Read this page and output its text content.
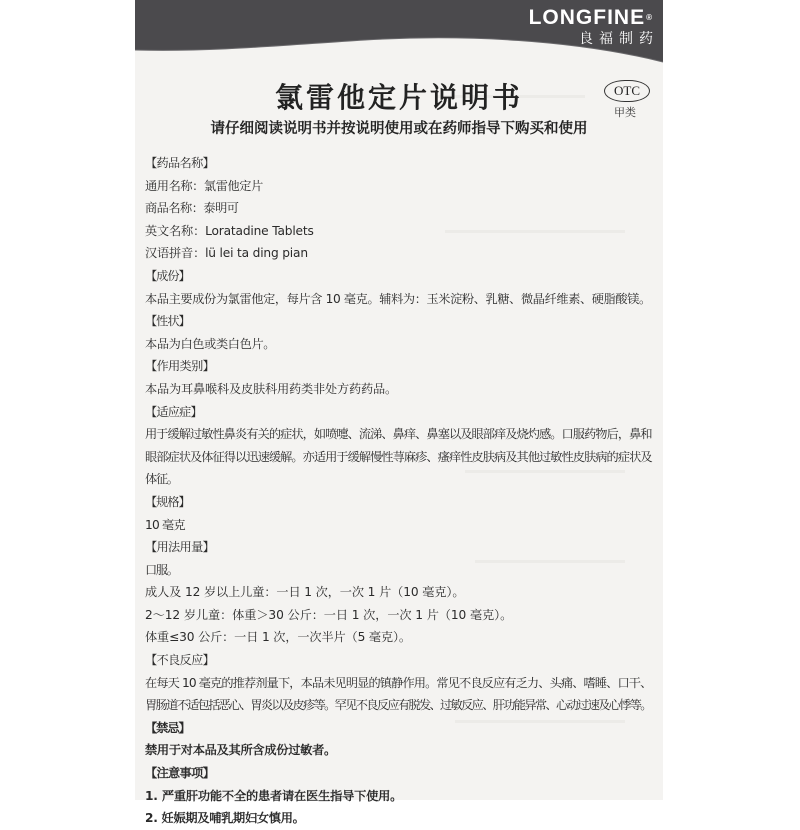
LONGFINE®
良福制药
氯雷他定片说明书	OTC
甲类
请仔细阅读说明书并按说明使用或在药师指导下购买和使用
【药品名称】
通用名称：氯雷他定片
商品名称：泰明可
英文名称：Loratadine Tablets
汉语拼音：lü lei ta ding pian
【成份】
本品主要成份为氯雷他定，每片含 10 毫克。辅料为：玉米淀粉、乳糖、微晶纤维素、硬脂酸镁。
【性状】
本品为白色或类白色片。
【作用类别】
本品为耳鼻喉科及皮肤科用药类非处方药药品。
【适应症】
用于缓解过敏性鼻炎有关的症状，如喷嚏、流涕、鼻痒、鼻塞以及眼部痒及烧灼感。口服药物后，鼻和
眼部症状及体征得以迅速缓解。亦适用于缓解慢性荨麻疹、瘙痒性皮肤病及其他过敏性皮肤病的症状及
体征。
【规格】
10 毫克
【用法用量】
口服。
成人及 12 岁以上儿童：一日 1 次，一次 1 片（10 毫克）。
2～12 岁儿童：体重＞30 公斤：一日 1 次，一次 1 片（10 毫克）。
体重≤30 公斤：一日 1 次，一次半片（5 毫克）。
【不良反应】
在每天 10 毫克的推荐剂量下，本品未见明显的镇静作用。常见不良反应有乏力、头痛、嗜睡、口干、
胃肠道不适包括恶心、胃炎以及皮疹等。罕见不良反应有脱发、过敏反应、肝功能异常、心动过速及心悸等。
【禁忌】
禁用于对本品及其所含成份过敏者。
【注意事项】
1. 严重肝功能不全的患者请在医生指导下使用。
2. 妊娠期及哺乳期妇女慎用。
